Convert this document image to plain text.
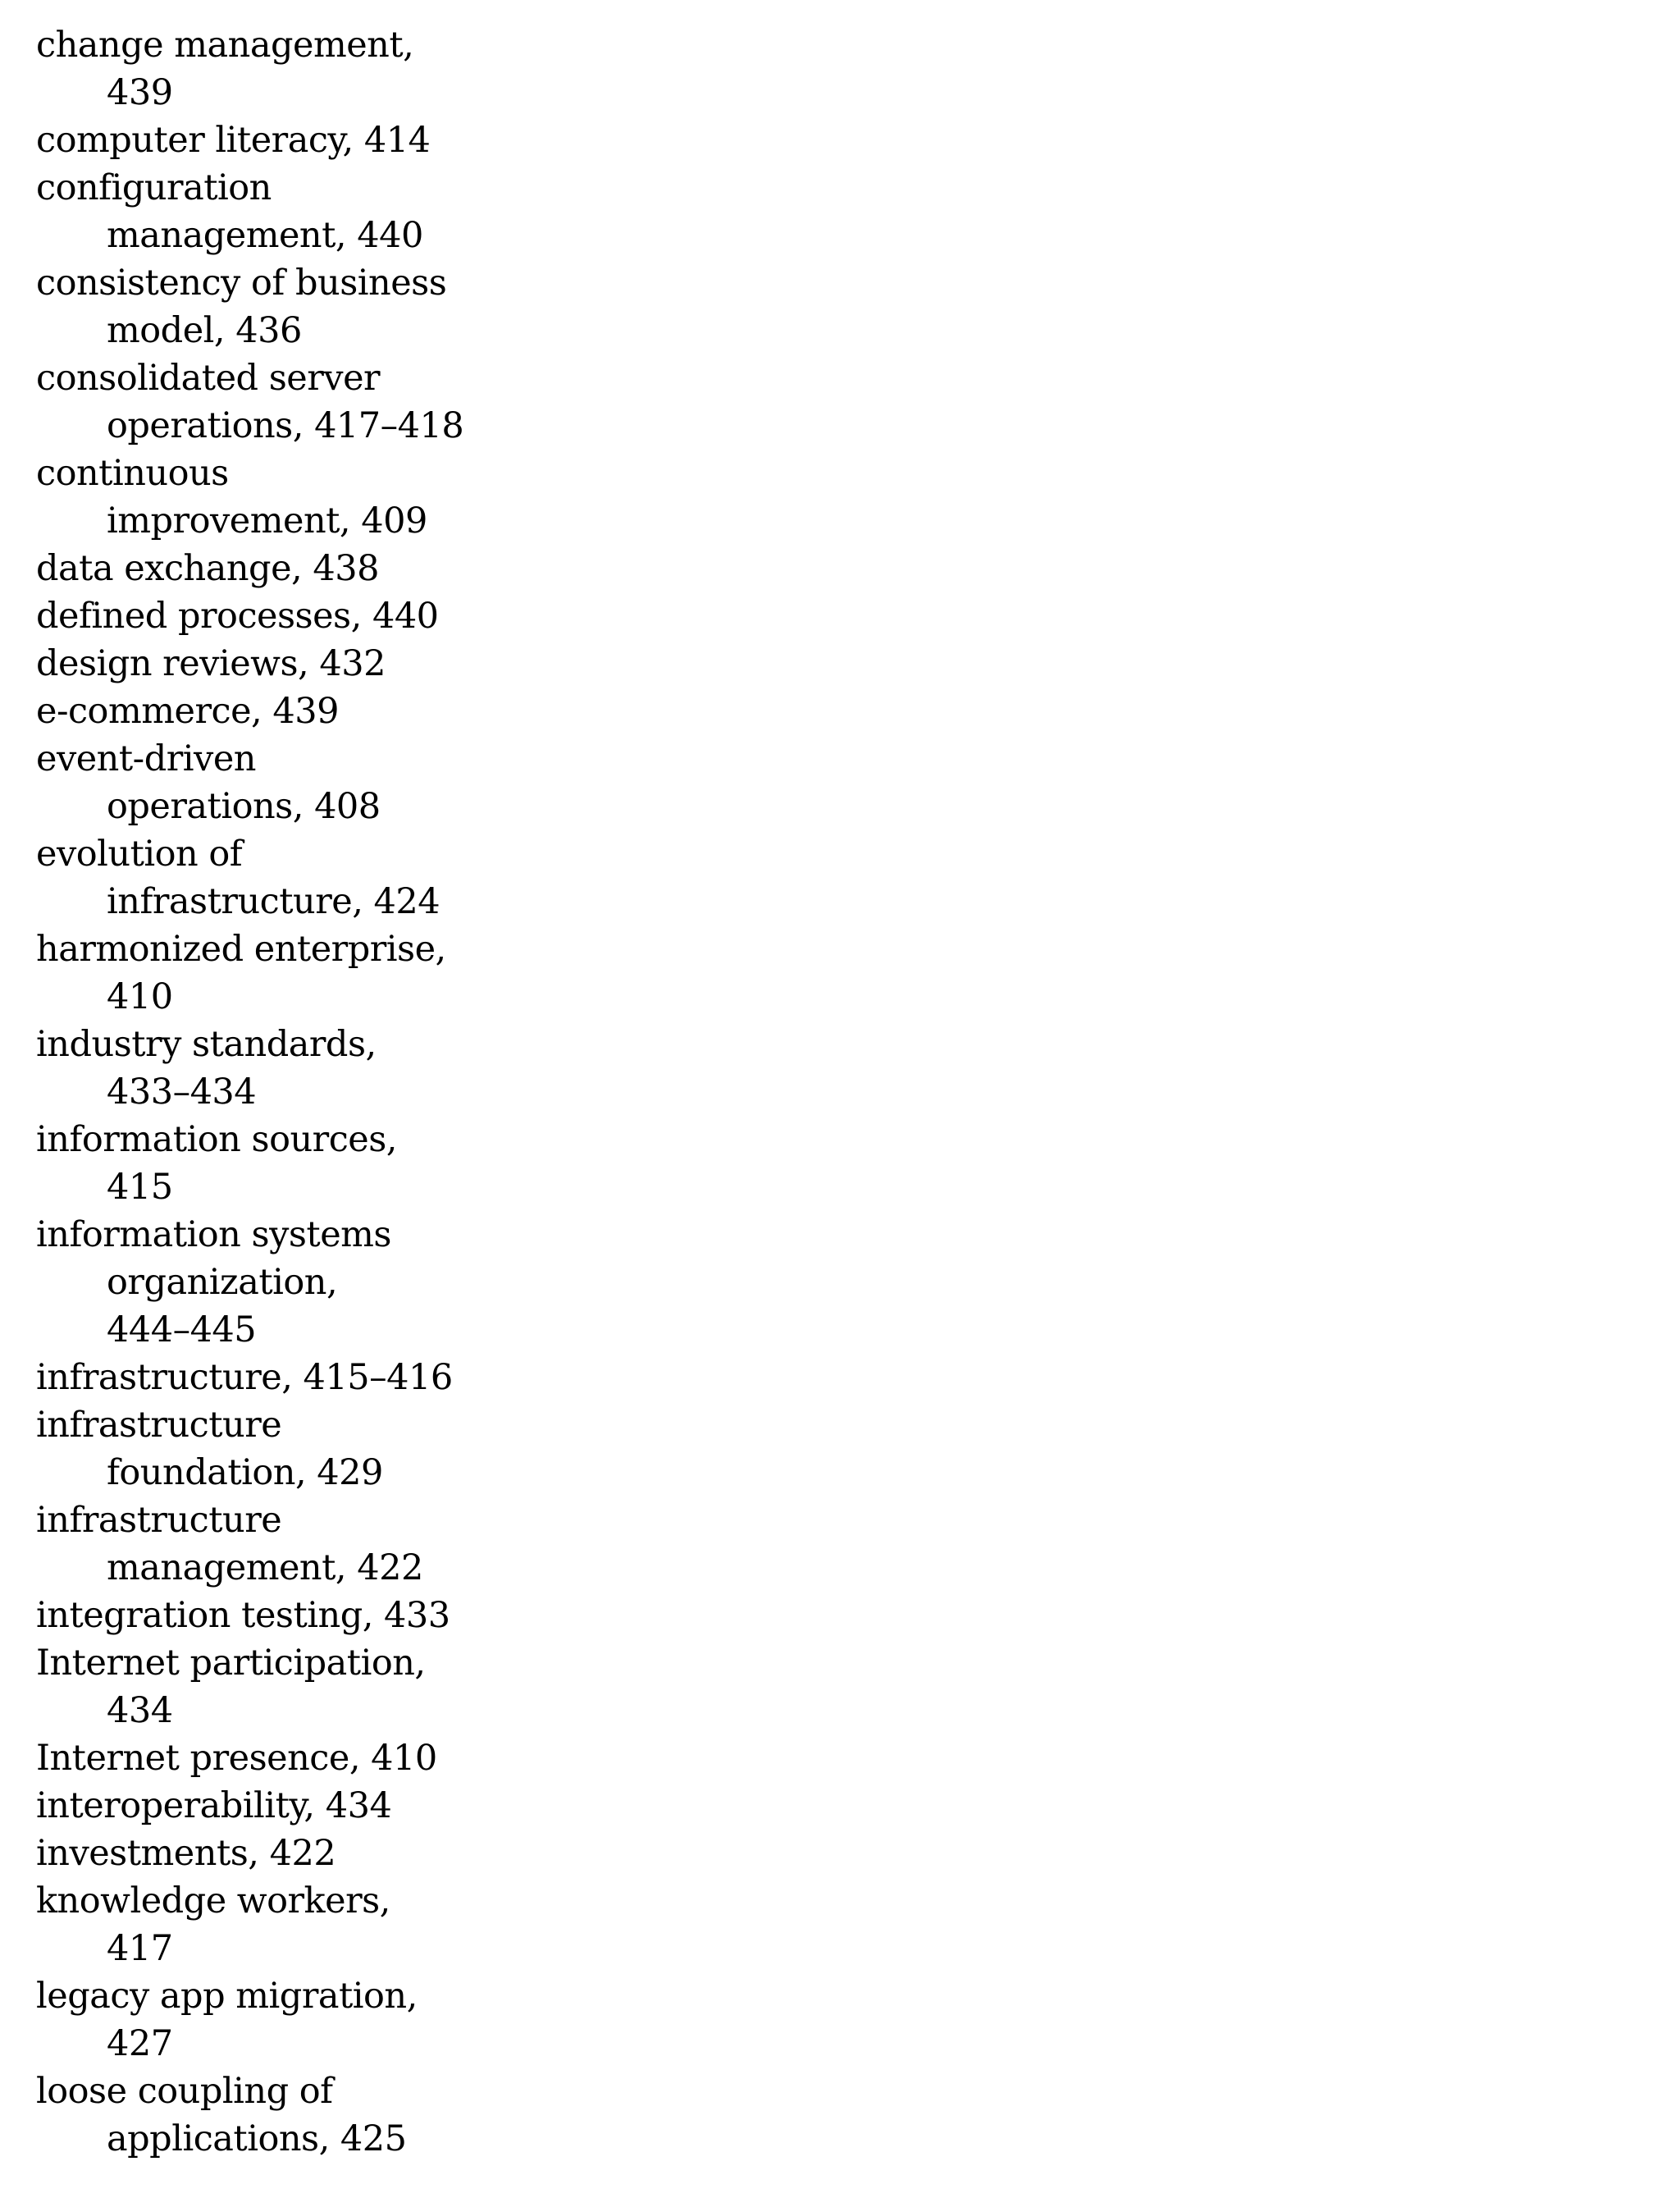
change management,
439
computer literacy, 414
configuration
management, 440
consistency of business
model, 436
consolidated server
operations, 417–418
continuous
improvement, 409
data exchange, 438
defined processes, 440
design reviews, 432
e-commerce, 439
event-driven
operations, 408
evolution of
infrastructure, 424
harmonized enterprise,
410
industry standards,
433–434
information sources,
415
information systems
organization,
444–445
infrastructure, 415–416
infrastructure
foundation, 429
infrastructure
management, 422
integration testing, 433
Internet participation,
434
Internet presence, 410
interoperability, 434
investments, 422
knowledge workers,
417
legacy app migration,
427
loose coupling of
applications, 425
